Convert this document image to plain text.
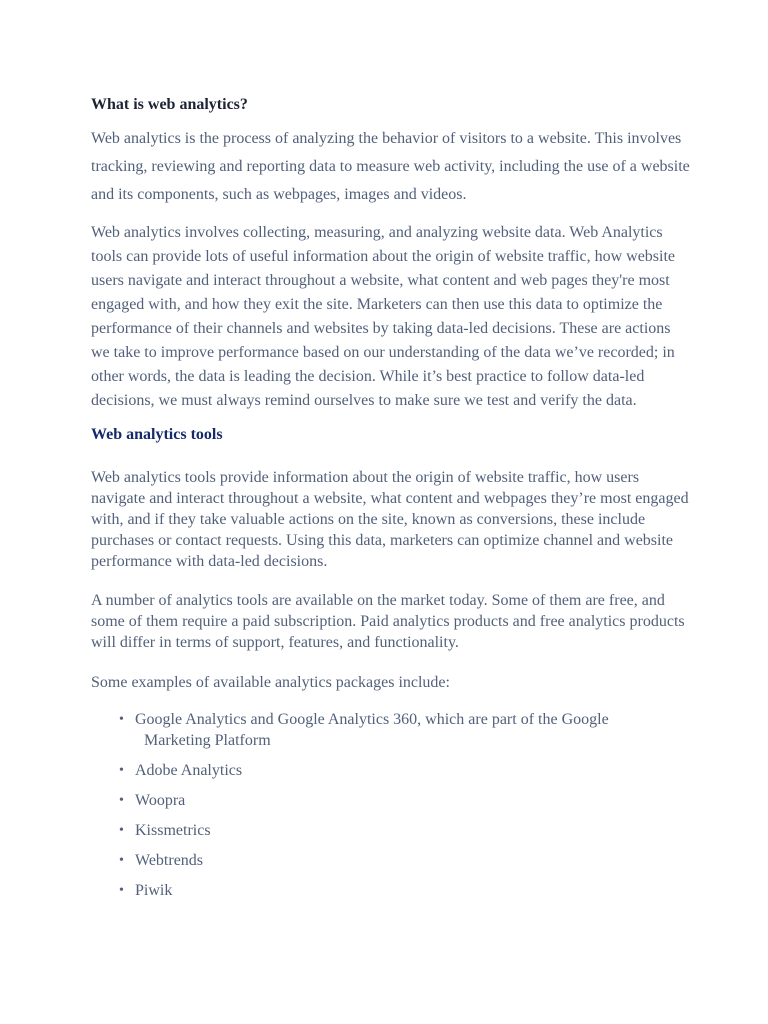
What is web analytics?

Web analytics is the process of analyzing the behavior of visitors to a website. This involves tracking, reviewing and reporting data to measure web activity, including the use of a website and its components, such as webpages, images and videos.

Web analytics involves collecting, measuring, and analyzing website data. Web Analytics tools can provide lots of useful information about the origin of website traffic, how website users navigate and interact throughout a website, what content and web pages they're most engaged with, and how they exit the site. Marketers can then use this data to optimize the performance of their channels and websites by taking data-led decisions. These are actions we take to improve performance based on our understanding of the data we’ve recorded; in other words, the data is leading the decision. While it’s best practice to follow data-led decisions, we must always remind ourselves to make sure we test and verify the data.

Web analytics tools

Web analytics tools provide information about the origin of website traffic, how users navigate and interact throughout a website, what content and webpages they’re most engaged with, and if they take valuable actions on the site, known as conversions, these include purchases or contact requests. Using this data, marketers can optimize channel and website performance with data-led decisions.

A number of analytics tools are available on the market today. Some of them are free, and some of them require a paid subscription. Paid analytics products and free analytics products will differ in terms of support, features, and functionality.

Some examples of available analytics packages include:

• Google Analytics and Google Analytics 360, which are part of the Google
Marketing Platform
• Adobe Analytics
• Woopra
• Kissmetrics
• Webtrends
• Piwik
